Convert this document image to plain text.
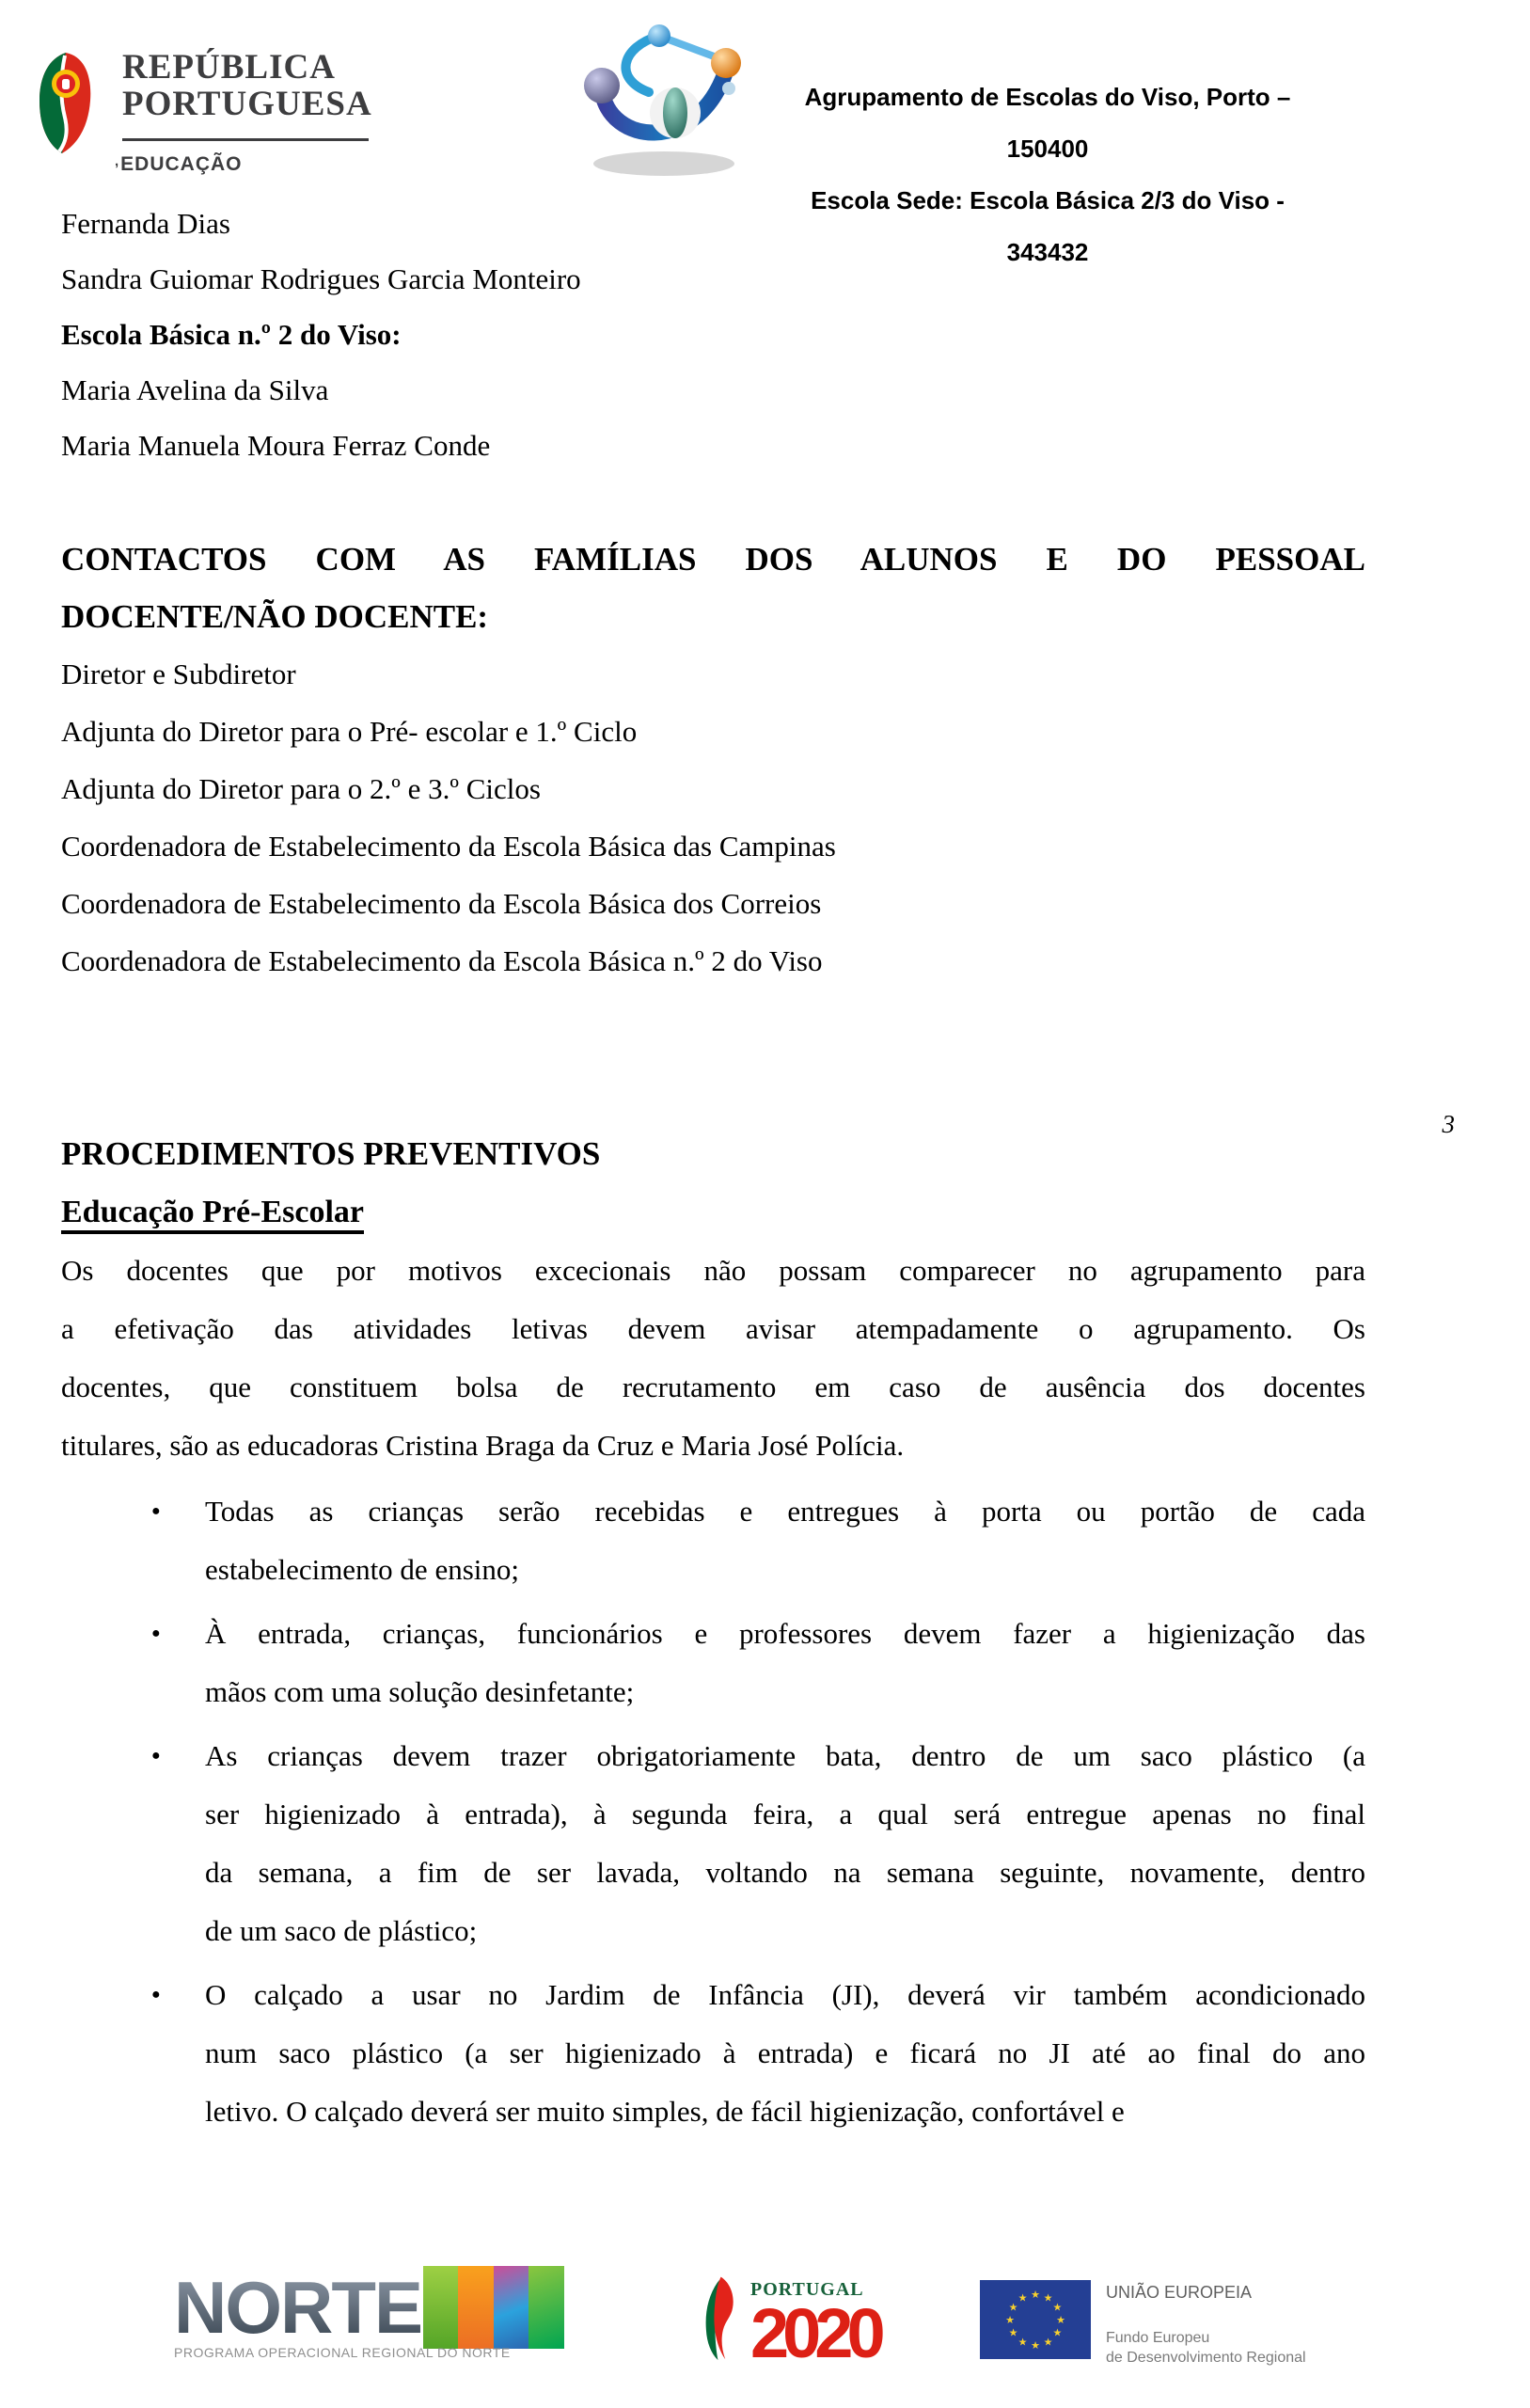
REPÚBLICA
PORTUGUESA
,EDUCAÇÃO
Agrupamento de Escolas do Viso, Porto – 150400
Escola Sede: Escola Básica 2/3 do Viso - 343432
Fernanda Dias
Sandra Guiomar Rodrigues Garcia Monteiro
Escola Básica n.º 2 do Viso:
Maria Avelina da Silva
Maria Manuela Moura Ferraz Conde
CONTACTOS COM AS FAMÍLIAS DOS ALUNOS E DO PESSOAL
DOCENTE/NÃO DOCENTE:
Diretor e Subdiretor
Adjunta do Diretor para o Pré- escolar e 1.º Ciclo
Adjunta do Diretor para o 2.º e 3.º Ciclos
Coordenadora de Estabelecimento da Escola Básica das Campinas
Coordenadora de Estabelecimento da Escola Básica dos Correios
Coordenadora de Estabelecimento da Escola Básica n.º 2 do Viso
3
PROCEDIMENTOS PREVENTIVOS
Educação Pré-Escolar
Os docentes que por motivos excecionais não possam comparecer no agrupamento para
a efetivação das atividades letivas devem avisar atempadamente o agrupamento. Os
docentes, que constituem bolsa de recrutamento em caso de ausência dos docentes
titulares, são as educadoras Cristina Braga da Cruz e Maria José Polícia.
● Todas as crianças serão recebidas e entregues à porta ou portão de cada
estabelecimento de ensino;
● À entrada, crianças, funcionários e professores devem fazer a higienização das
mãos com uma solução desinfetante;
● As crianças devem trazer obrigatoriamente bata, dentro de um saco plástico (a
ser higienizado à entrada), à segunda feira, a qual será entregue apenas no final
da semana, a fim de ser lavada, voltando na semana seguinte, novamente, dentro
de um saco de plástico;
● O calçado a usar no Jardim de Infância (JI), deverá vir também acondicionado
num saco plástico (a ser higienizado à entrada) e ficará no JI até ao final do ano
letivo. O calçado deverá ser muito simples, de fácil higienização, confortável e
NORTE
PROGRAMA OPERACIONAL REGIONAL DO NORTE
PORTUGAL
2020	★ ★
★
★
★
★
★
★
★
★
★
★	UNIÃO EUROPEIA
Fundo Europeu
de Desenvolvimento Regional
